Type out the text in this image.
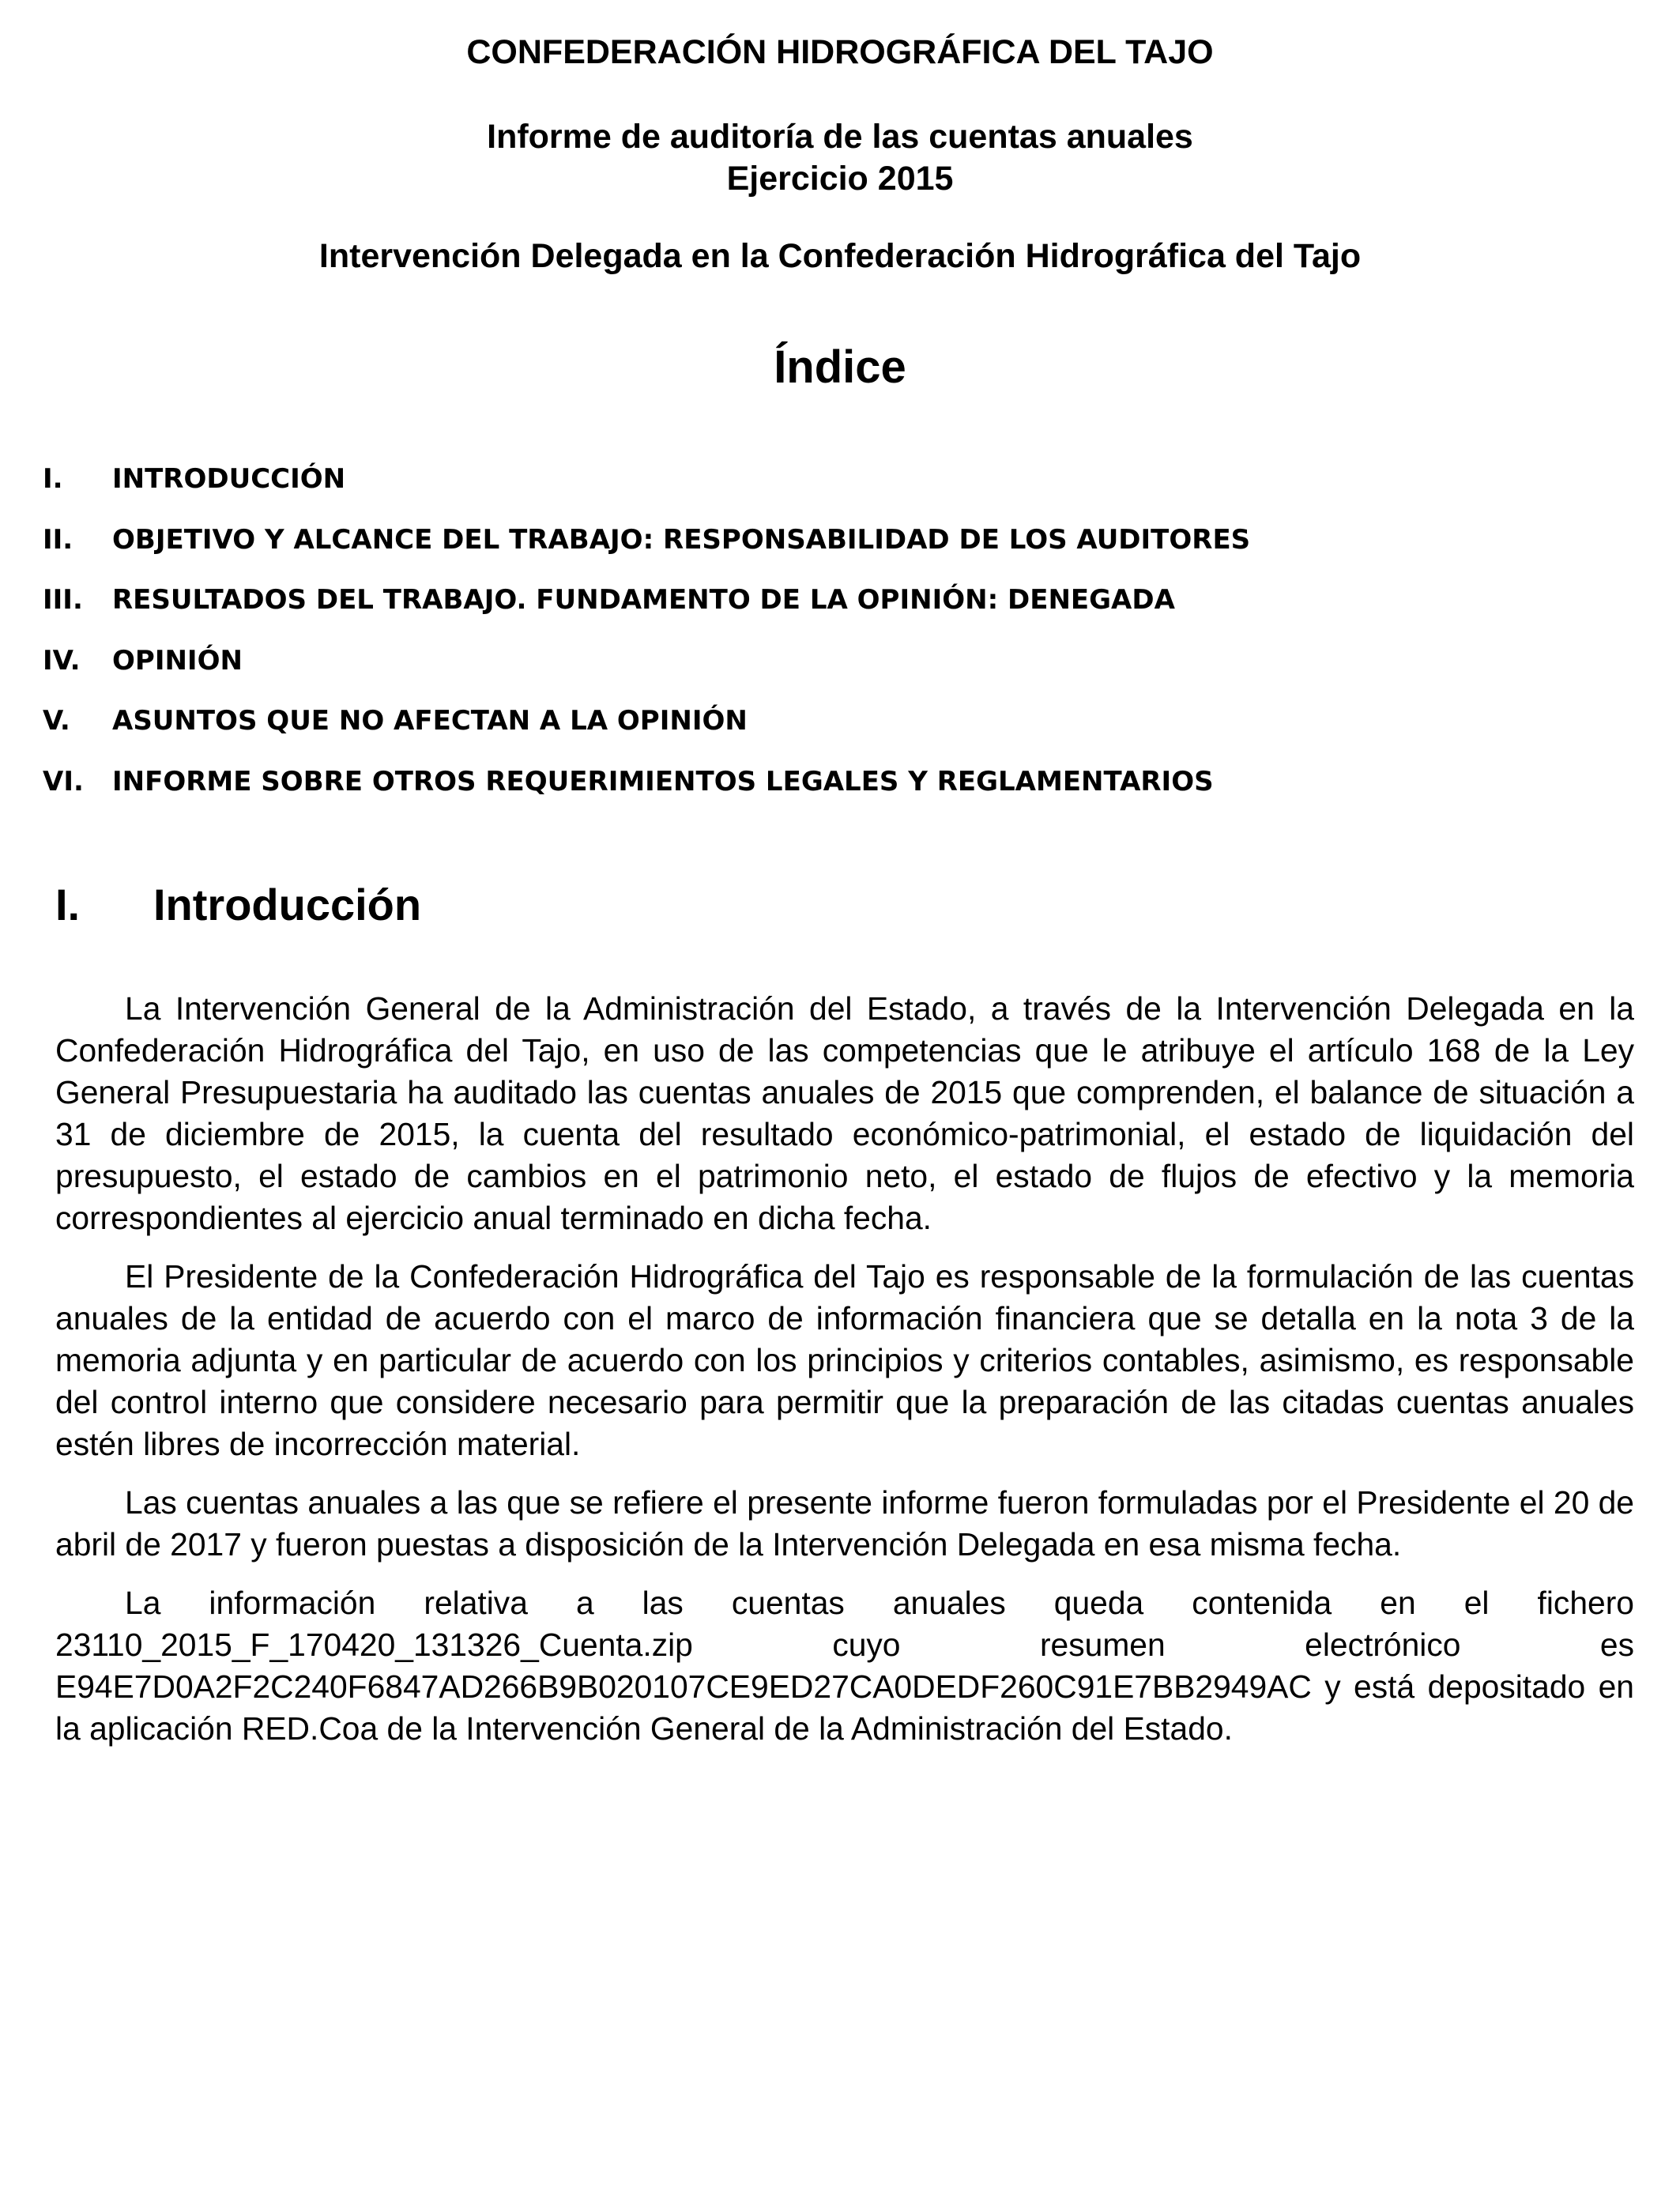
CONFEDERACIÓN HIDROGRÁFICA DEL TAJO
Informe de auditoría de las cuentas anuales
Ejercicio 2015
Intervención Delegada en la Confederación Hidrográfica del Tajo
Índice
I.	INTRODUCCIÓN
II.	OBJETIVO Y ALCANCE DEL TRABAJO: RESPONSABILIDAD DE LOS AUDITORES
III.	RESULTADOS DEL TRABAJO. FUNDAMENTO DE LA OPINIÓN: DENEGADA
IV.	OPINIÓN
V.	ASUNTOS QUE NO AFECTAN A LA OPINIÓN
VI.	INFORME SOBRE OTROS REQUERIMIENTOS LEGALES Y REGLAMENTARIOS
I. Introducción

La Intervención General de la Administración del Estado, a través de la Intervención Delegada en la Confederación Hidrográfica del Tajo, en uso de las competencias que le atribuye el artículo 168 de la Ley General Presupuestaria ha auditado las cuentas anuales de 2015 que comprenden, el balance de situación a 31 de diciembre de 2015, la cuenta del resultado económico-patrimonial, el estado de liquidación del presupuesto, el estado de cambios en el patrimonio neto, el estado de flujos de efectivo y la memoria correspondientes al ejercicio anual terminado en dicha fecha.

El Presidente de la Confederación Hidrográfica del Tajo es responsable de la formulación de las cuentas anuales de la entidad de acuerdo con el marco de información financiera que se detalla en la nota 3 de la memoria adjunta y en particular de acuerdo con los principios y criterios contables, asimismo, es responsable del control interno que considere necesario para permitir que la preparación de las citadas cuentas anuales estén libres de incorrección material.

Las cuentas anuales a las que se refiere el presente informe fueron formuladas por el Presidente el 20 de abril de 2017 y fueron puestas a disposición de la Intervención Delegada en esa misma fecha.

La información relativa a las cuentas anuales queda contenida en el fichero 23110_2015_F_170420_131326_Cuenta.zip cuyo resumen electrónico es E94E7D0A2F2C240F6847AD266B9B020107CE9ED27CA0DEDF260C91E7BB2949AC y está depositado en la aplicación RED.Coa de la Intervención General de la Administración del Estado.
